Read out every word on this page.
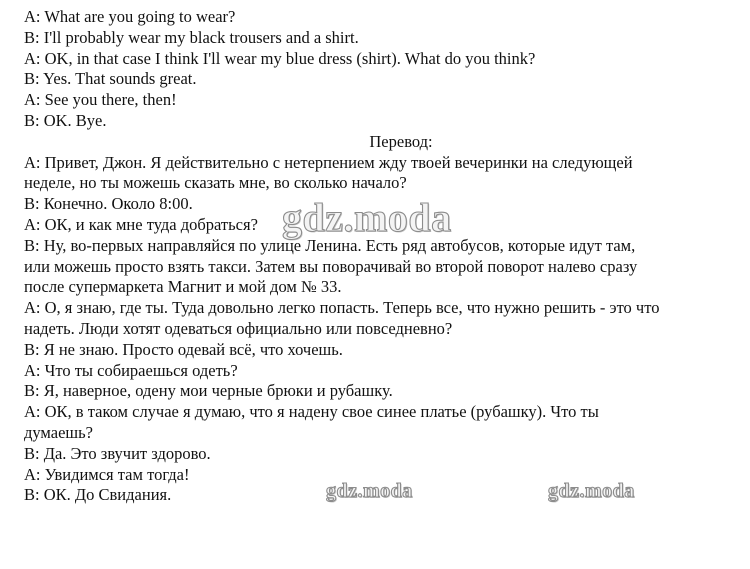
A: What are you going to wear?
B: I'll probably wear my black trousers and a shirt.
A: OK, in that case I think I'll wear my blue dress (shirt). What do you think?
B: Yes. That sounds great.
A: See you there, then!
B: OK. Bye.
Перевод:
А: Привет, Джон. Я действительно с нетерпением жду твоей вечеринки на следующей
неделе, но ты можешь сказать мне, во сколько начало?
В: Конечно. Около 8:00.
А: ОК, и как мне туда добраться?
В: Ну, во-первых направляйся по улице Ленина. Есть ряд автобусов, которые идут там,
или можешь просто взять такси. Затем вы поворачивай во второй поворот налево сразу
после супермаркета Магнит и мой дом № 33.
А: О, я знаю, где ты. Туда довольно легко попасть. Теперь все, что нужно решить - это что
надеть. Люди хотят одеваться официально или повседневно?
В: Я не знаю. Просто одевай всё, что хочешь.
А: Что ты собираешься одеть?
В: Я, наверное, одену мои черные брюки и рубашку.
А: ОК, в таком случае я думаю, что я надену свое синее платье (рубашку). Что ты
думаешь?
В: Да. Это звучит здорово.
А: Увидимся там тогда!
В: ОК. До Свидания.
gdz.moda
gdz.moda	gdz.moda
